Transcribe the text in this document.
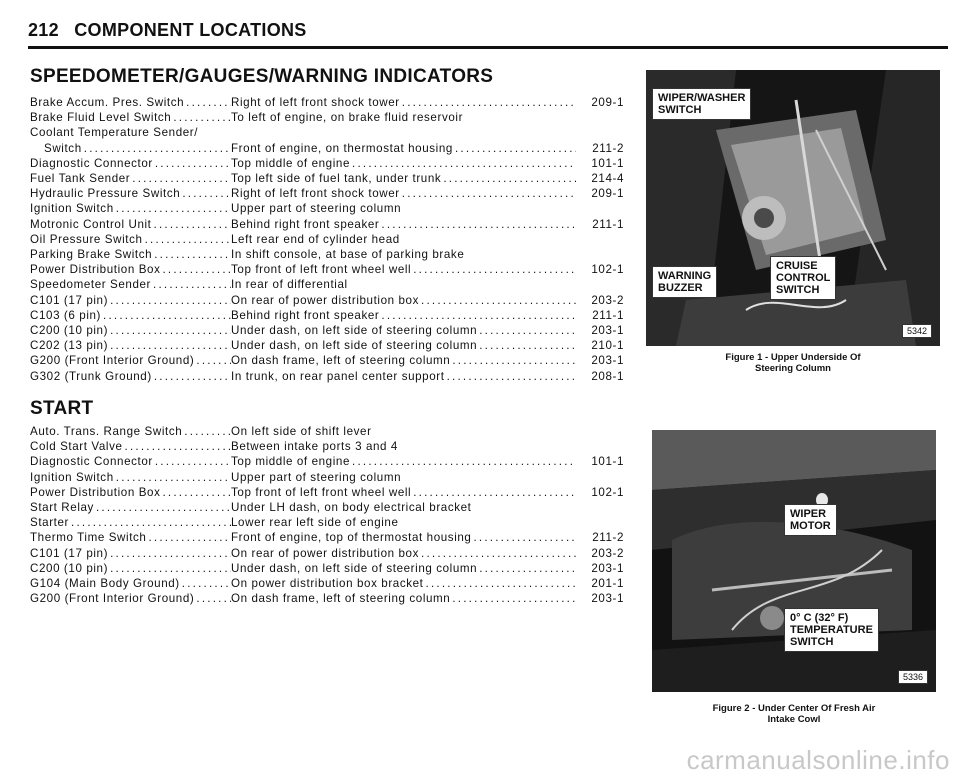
212 COMPONENT LOCATIONS
SPEEDOMETER/GAUGES/WARNING INDICATORS
Brake Accum. Pres. Switch . . .	Right of left front shock tower . . .	209-1
Brake Fluid Level Switch . . .	To left of engine, on brake fluid reservoir
Coolant Temperature Sender/
Switch . . .	Front of engine, on thermostat housing . . .	211-2
Diagnostic Connector . . .	Top middle of engine . . .	101-1
Fuel Tank Sender . . .	Top left side of fuel tank, under trunk . . .	214-4
Hydraulic Pressure Switch . . .	Right of left front shock tower . . .	209-1
Ignition Switch . . .	Upper part of steering column
Motronic Control Unit . . .	Behind right front speaker . . .	211-1
Oil Pressure Switch . . .	Left rear end of cylinder head
Parking Brake Switch . . .	In shift console, at base of parking brake
Power Distribution Box . . .	Top front of left front wheel well . . .	102-1
Speedometer Sender . . .	In rear of differential
C101 (17 pin) . . .	On rear of power distribution box . . .	203-2
C103 (6 pin) . . .	Behind right front speaker . . .	211-1
C200 (10 pin) . . .	Under dash, on left side of steering column . . .	203-1
C202 (13 pin) . . .	Under dash, on left side of steering column . . .	210-1
G200 (Front Interior Ground) . . .	On dash frame, left of steering column . . .	203-1
G302 (Trunk Ground) . . .	In trunk, on rear panel center support . . .	208-1
START
Auto. Trans. Range Switch . . .	On left side of shift lever
Cold Start Valve . . .	Between intake ports 3 and 4
Diagnostic Connector . . .	Top middle of engine . . .	101-1
Ignition Switch . . .	Upper part of steering column
Power Distribution Box . . .	Top front of left front wheel well . . .	102-1
Start Relay . . .	Under LH dash, on body electrical bracket
Starter . . .	Lower rear left side of engine
Thermo Time Switch . . .	Front of engine, top of thermostat housing . . .	211-2
C101 (17 pin) . . .	On rear of power distribution box . . .	203-2
C200 (10 pin) . . .	Under dash, on left side of steering column . . .	203-1
G104 (Main Body Ground) . . .	On power distribution box bracket . . .	201-1
G200 (Front Interior Ground) . . .	On dash frame, left of steering column . . .	203-1
WIPER/WASHER
SWITCH
WARNING
BUZZER
CRUISE
CONTROL
SWITCH
5342
Figure 1 - Upper Underside Of
Steering Column
WIPER
MOTOR
0° C (32° F)
TEMPERATURE
SWITCH
5336
Figure 2 - Under Center Of Fresh Air
Intake Cowl
carmanualsonline.info
